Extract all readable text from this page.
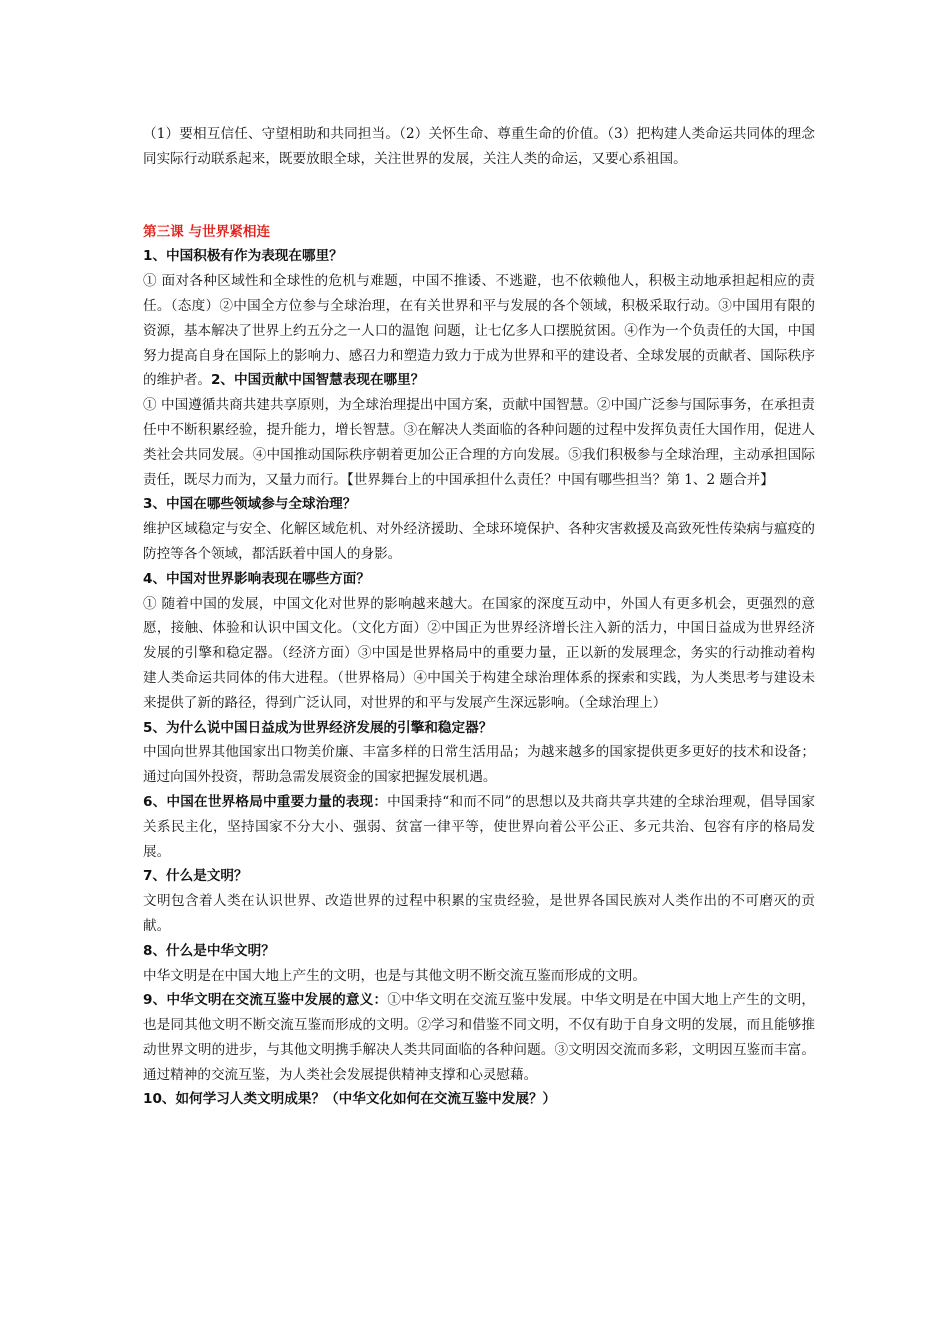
（1）要相互信任、守望相助和共同担当。（2）关怀生命、尊重生命的价值。（3）把构建人类命运共同体的理念同实际行动联系起来，既要放眼全球，关注世界的发展，关注人类的命运，又要心系祖国。

第三课 与世界紧相连

1、中国积极有作为表现在哪里？

① 面对各种区域性和全球性的危机与难题，中国不推诿、不逃避，也不依赖他人，积极主动地承担起相应的责任。（态度）②中国全方位参与全球治理，在有关世界和平与发展的各个领域，积极采取行动。③中国用有限的资源，基本解决了世界上约五分之一人口的温饱 问题，让七亿多人口摆脱贫困。④作为一个负责任的大国，中国努力提高自身在国际上的影响力、感召力和塑造力致力于成为世界和平的建设者、全球发展的贡献者、国际秩序的维护者。2、中国贡献中国智慧表现在哪里？

① 中国遵循共商共建共享原则，为全球治理提出中国方案，贡献中国智慧。②中国广泛参与国际事务，在承担责任中不断积累经验，提升能力，增长智慧。③在解决人类面临的各种问题的过程中发挥负责任大国作用，促进人类社会共同发展。④中国推动国际秩序朝着更加公正合理的方向发展。⑤我们积极参与全球治理，主动承担国际责任，既尽力而为，又量力而行。【世界舞台上的中国承担什么责任？中国有哪些担当？第 1、2 题合并】

3、中国在哪些领域参与全球治理？

维护区域稳定与安全、化解区域危机、对外经济援助、全球环境保护、各种灾害救援及高致死性传染病与瘟疫的防控等各个领域，都活跃着中国人的身影。

4、中国对世界影响表现在哪些方面？

① 随着中国的发展，中国文化对世界的影响越来越大。在国家的深度互动中，外国人有更多机会，更强烈的意愿，接触、体验和认识中国文化。（文化方面）②中国正为世界经济增长注入新的活力，中国日益成为世界经济发展的引擎和稳定器。（经济方面）③中国是世界格局中的重要力量，正以新的发展理念，务实的行动推动着构建人类命运共同体的伟大进程。（世界格局）④中国关于构建全球治理体系的探索和实践，为人类思考与建设未来提供了新的路径，得到广泛认同，对世界的和平与发展产生深远影响。（全球治理上）

5、为什么说中国日益成为世界经济发展的引擎和稳定器？

中国向世界其他国家出口物美价廉、丰富多样的日常生活用品；为越来越多的国家提供更多更好的技术和设备；通过向国外投资，帮助急需发展资金的国家把握发展机遇。

6、中国在世界格局中重要力量的表现：中国秉持“和而不同”的思想以及共商共享共建的全球治理观，倡导国家关系民主化，坚持国家不分大小、强弱、贫富一律平等，使世界向着公平公正、多元共治、包容有序的格局发展。

7、什么是文明？

文明包含着人类在认识世界、改造世界的过程中积累的宝贵经验，是世界各国民族对人类作出的不可磨灭的贡献。

8、什么是中华文明？

中华文明是在中国大地上产生的文明，也是与其他文明不断交流互鉴而形成的文明。

9、中华文明在交流互鉴中发展的意义：①中华文明在交流互鉴中发展。中华文明是在中国大地上产生的文明，也是同其他文明不断交流互鉴而形成的文明。②学习和借鉴不同文明，不仅有助于自身文明的发展，而且能够推动世界文明的进步，与其他文明携手解决人类共同面临的各种问题。③文明因交流而多彩，文明因互鉴而丰富。通过精神的交流互鉴，为人类社会发展提供精神支撑和心灵慰藉。

10、如何学习人类文明成果？（中华文化如何在交流互鉴中发展？）
